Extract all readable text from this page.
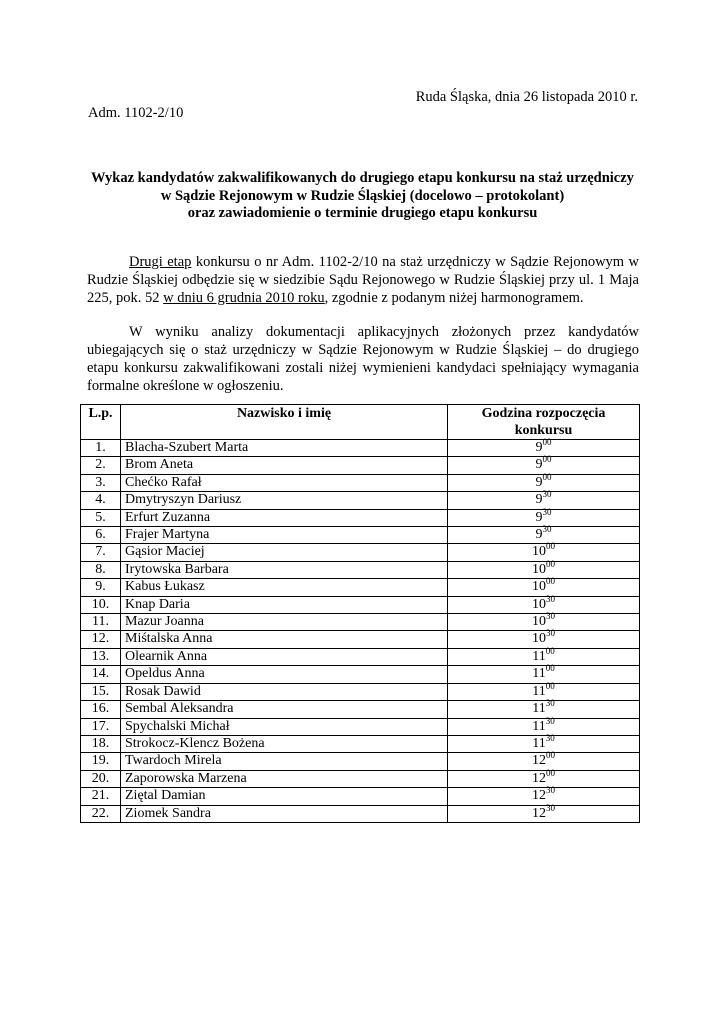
Ruda Śląska, dnia 26 listopada 2010 r.
Adm. 1102-2/10
Wykaz kandydatów zakwalifikowanych do drugiego etapu konkursu na staż urzędniczy
w Sądzie Rejonowym w Rudzie Śląskiej (docelowo – protokolant)
oraz zawiadomienie o terminie drugiego etapu konkursu
Drugi etap konkursu o nr Adm. 1102-2/10 na staż urzędniczy w Sądzie Rejonowym w Rudzie Śląskiej odbędzie się w siedzibie Sądu Rejonowego w Rudzie Śląskiej przy ul. 1 Maja 225, pok. 52 w dniu 6 grudnia 2010 roku, zgodnie z podanym niżej harmonogramem.
W wyniku analizy dokumentacji aplikacyjnych złożonych przez kandydatów ubiegających się o staż urzędniczy w Sądzie Rejonowym w Rudzie Śląskiej – do drugiego etapu konkursu zakwalifikowani zostali niżej wymienieni kandydaci spełniający wymagania formalne określone w ogłoszeniu.
L.p.	Nazwisko i imię	Godzina rozpoczęcia konkursu
1.	Blacha-Szubert Marta	$9^{00}$
2.	Brom Aneta	$9^{00}$
3.	Chećko Rafał	$9^{00}$
4.	Dmytryszyn Dariusz	$9^{30}$
5.	Erfurt Zuzanna	$9^{30}$
6.	Frajer Martyna	$9^{30}$
7.	Gąsior Maciej	$10^{00}$
8.	Irytowska Barbara	$10^{00}$
9.	Kabus Łukasz	$10^{00}$
10.	Knap Daria	$10^{30}$
11.	Mazur Joanna	$10^{30}$
12.	Miśtalska Anna	$10^{30}$
13.	Olearnik Anna	$11^{00}$
14.	Opeldus Anna	$11^{00}$
15.	Rosak Dawid	$11^{00}$
16.	Sembal Aleksandra	$11^{30}$
17.	Spychalski Michał	$11^{30}$
18.	Strokocz-Klencz Bożena	$11^{30}$
19.	Twardoch Mirela	$12^{00}$
20.	Zaporowska Marzena	$12^{00}$
21.	Ziętal Damian	$12^{30}$
22.	Ziomek Sandra	$12^{30}$
